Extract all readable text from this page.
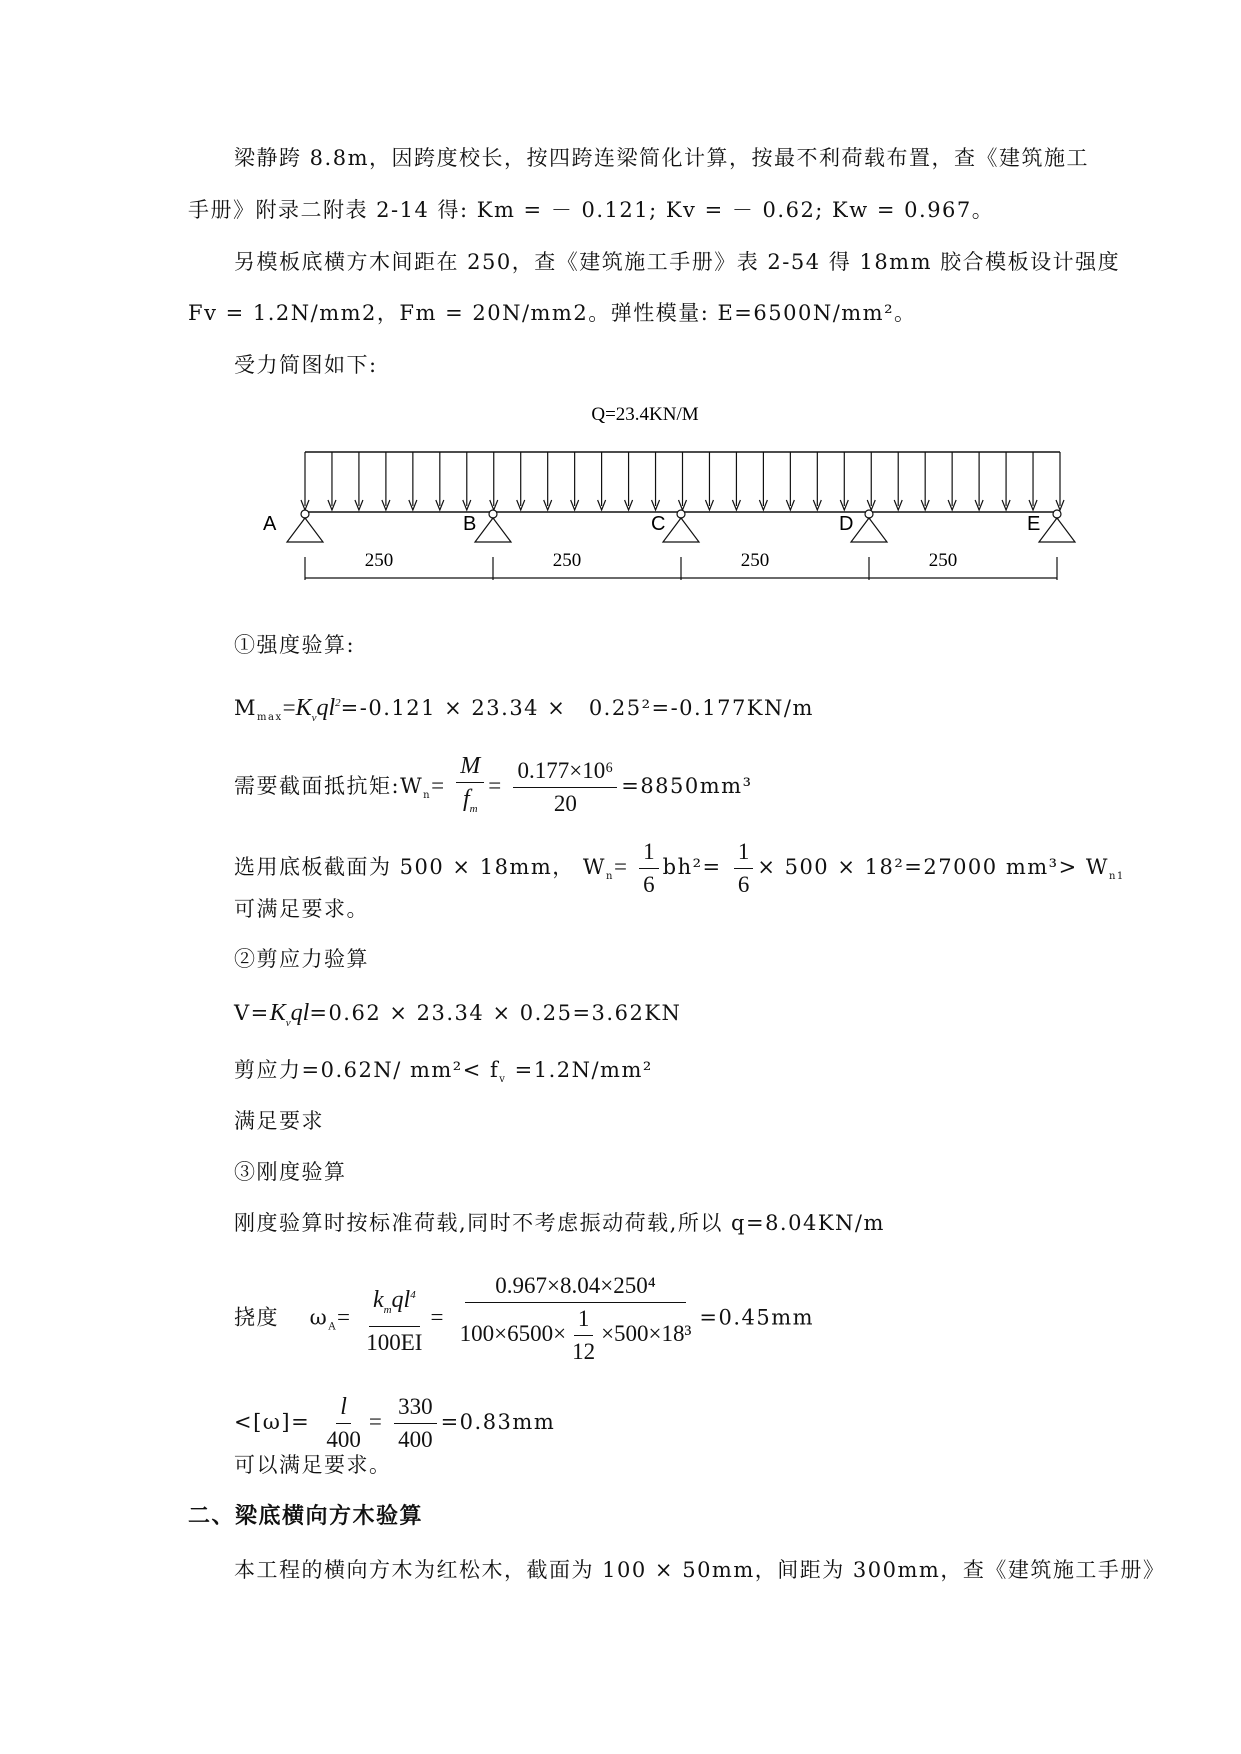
梁静跨 8.8m，因跨度校长，按四跨连梁简化计算，按最不利荷载布置，查《建筑施工
手册》附录二附表 2-14 得: Km = － 0.121; Kv = － 0.62; Kw = 0.967。
另模板底横方木间距在 250，查《建筑施工手册》表 2-54 得 18mm 胶合模板设计强度
Fv = 1.2N/mm2，Fm = 20N/mm2。弹性模量: E=6500N/mm²。
受力简图如下:
Q=23.4KN/M
A	B	C	D	E
250	250	250	250
①强度验算:
$M_{max}=K_vql^2=-0.121 \times 23.34$ ×　0.25²=-0.177KN/m
需要截面抵抗矩$:W_n= \frac{M}{f_m} = \frac{\text{0.177×10⁶}}{20} =8850mm^3$
选用底板截面为 500 × 18mm， $W_n= \frac{1}{6} bh^2= \frac{1}{6} \times 500 \times 18^2=27000$ $mm^3> W_{n1}$
可满足要求。
②剪应力验算
$V=K_vql=0.62 \times 23.34 \times 0.25=3.62KN$
剪应力=0.62N/ $mm^2< f_v =1.2N/mm^2$
满足要求
③刚度验算
刚度验算时按标准荷载,同时不考虑振动荷载,所以 q=8.04KN/m
挠度　 $\omega_A= \frac{k_mql^4}{100EI} = \frac{\text{0.967×8.04×250⁴}}{100\times 6500\times \frac{1}{12} \times 500\times 18^3} =0.45mm$
$<[\omega]= \frac{l}{400} = \frac{330}{400} =0.83mm$
可以满足要求。
二、梁底横向方木验算
本工程的横向方木为红松木，截面为 100 × 50mm，间距为 300mm，查《建筑施工手册》
